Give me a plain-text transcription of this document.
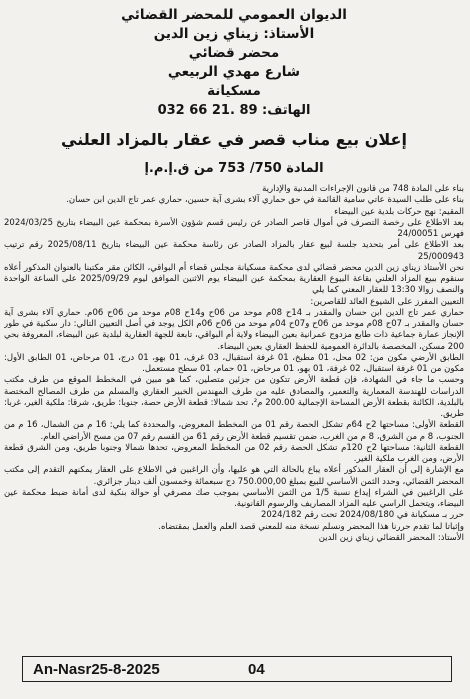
الديوان العمومي للمحضر القضائي
الأستاذ: زيناي زين الدين
محضر قضائي
شارع مهدي الربيعي
مسكيانة
الهاتف: 89 .21 66 032
إعلان بيع مناب قصر في عقار بالمزاد العلني
المادة 750/ 753 من ق.إ.م.إ

بناء على المادة 748 من قانون الإجراءات المدنية والإدارية

بناء على طلب السيدة عاتي سامية القائمة في حق حماري آلاء بشرى آية حسين، حماري عمر تاج الدين ابن حسان.

المقيم: نهج حركات بلدية عين البيضاء

بعد الاطلاع على رخصة التصرف في أموال قاصر الصادر عن رئيس قسم شؤون الأسرة بمحكمة عين البيضاء بتاريخ 2024/03/25 فهرس 24/00051

بعد الاطلاع على أمر بتحديد جلسة لبيع عقار بالمزاد الصادر عن رئاسة محكمة عين البيضاء بتاريخ 2025/08/11 رقم ترتيب 25/000943

نحن الأستاذ زيناي زين الدين محضر قضائي لدى محكمة مسكيانة مجلس قضاء أم البواقي، الكائن مقر مكتبنا بالعنوان المذكور أعلاه سنقوم ببيع المزاد العلني بقاعة البيوع العقارية بمحكمة عين البيضاء يوم الاثنين الموافق ليوم 2025/09/29 على الساعة الواحدة والنصف زوالا 13:30 للعقار المعني كما يلي

التعيين المفرز على الشيوع العائد للقاصرين:

حماري عمر تاج الدين ابن حسان والمقدر بـ 14ح 08م موحد من 06ح و14ح 08م موحد من 06ح 06م. حماري آلاء بشرى آية حسان والمقدر بـ 07ح 08م موحد من 06ح و07ح 04م موحد من 06ح 06م الكل يوجد في أصل التعيين التالي: دار سكنية في طور الإنجاز عمارة جماعية ذات طابع مزدوج عمرانية بعين البيضاء ولاية أم البواقي، تابعة للجهة العقارية لبلدية عين البيضاء، المعروفة بحي 200 مسكن، المخصصة بالدائرة العمومية للحفظ العقاري بعين البيضاء.

الطابق الأرضي مكون من: 02 محل، 01 مطبخ، 01 غرفة استقبال، 03 غرف، 01 بهو، 01 درج، 01 مرحاض، 01 الطابق الأول: مكون من 01 غرفة استقبال، 02 غرفة، 01 بهو، 01 مرحاض، 01 حمام، 01 سطح مستعمل.

وحسب ما جاء في الشهادة، فإن قطعة الأرض تتكون من جزئين متصلين، كما هو مبين في المخطط الموقع من طرف مكتب الدراسات للهندسة المعمارية والتعمير، والمصادق عليه من طرف المهندس الخبير العقاري والمسلم من طرف المصالح المختصة بالبلدية، الكائنة بقطعة الأرض المساحة الإجمالية 200.00 م²، تحد شمالا: قطعة الأرض حصة، جنوبا: طريق، شرقا: ملكية الغير، غربا: طريق.

القطعة الأولى: مساحتها 2ح 64م تشكل الحصة رقم 01 من المخطط المعروض، والمحددة كما يلي: 16 م من الشمال، 16 م من الجنوب، 8 م من الشرق، 8 م من الغرب، ضمن تقسيم قطعة الأرض رقم 61 من القسم رقم 07 من مسح الأراضي العام.

القطعة الثانية: مساحتها 2ح 120م تشكل الحصة رقم 02 من المخطط المعروض، تحدها شمالا وجنوبا طريق، ومن الشرق قطعة الأرض، ومن الغرب ملكية الغير.

مع الإشارة إلى أن العقار المذكور أعلاه يباع بالحالة التي هو عليها، وأن الراغبين في الاطلاع على العقار يمكنهم التقدم إلى مكتب المحضر القضائي، وحدد الثمن الأساسي للبيع بمبلغ 750.000,00 دج سبعمائة وخمسون ألف دينار جزائري.

على الراغبين في الشراء إيداع نسبة 1/5 من الثمن الأساسي بموجب صك مصرفي أو حوالة بنكية لدى أمانة ضبط محكمة عين البيضاء، ويتحمل الراسي عليه المزاد المصاريف والرسوم القانونية.

حرر بـ مسكيانة في 2024/08/180 تحت رقم 2024/182

وإثباتا لما تقدم حررنا هذا المحضر ونسلم نسخة منه للمعني قصد العلم والعمل بمقتضاه.

الأستاذ: المحضر القضائي زيناي زين الدين

An-Nasr25-8-2025	04
